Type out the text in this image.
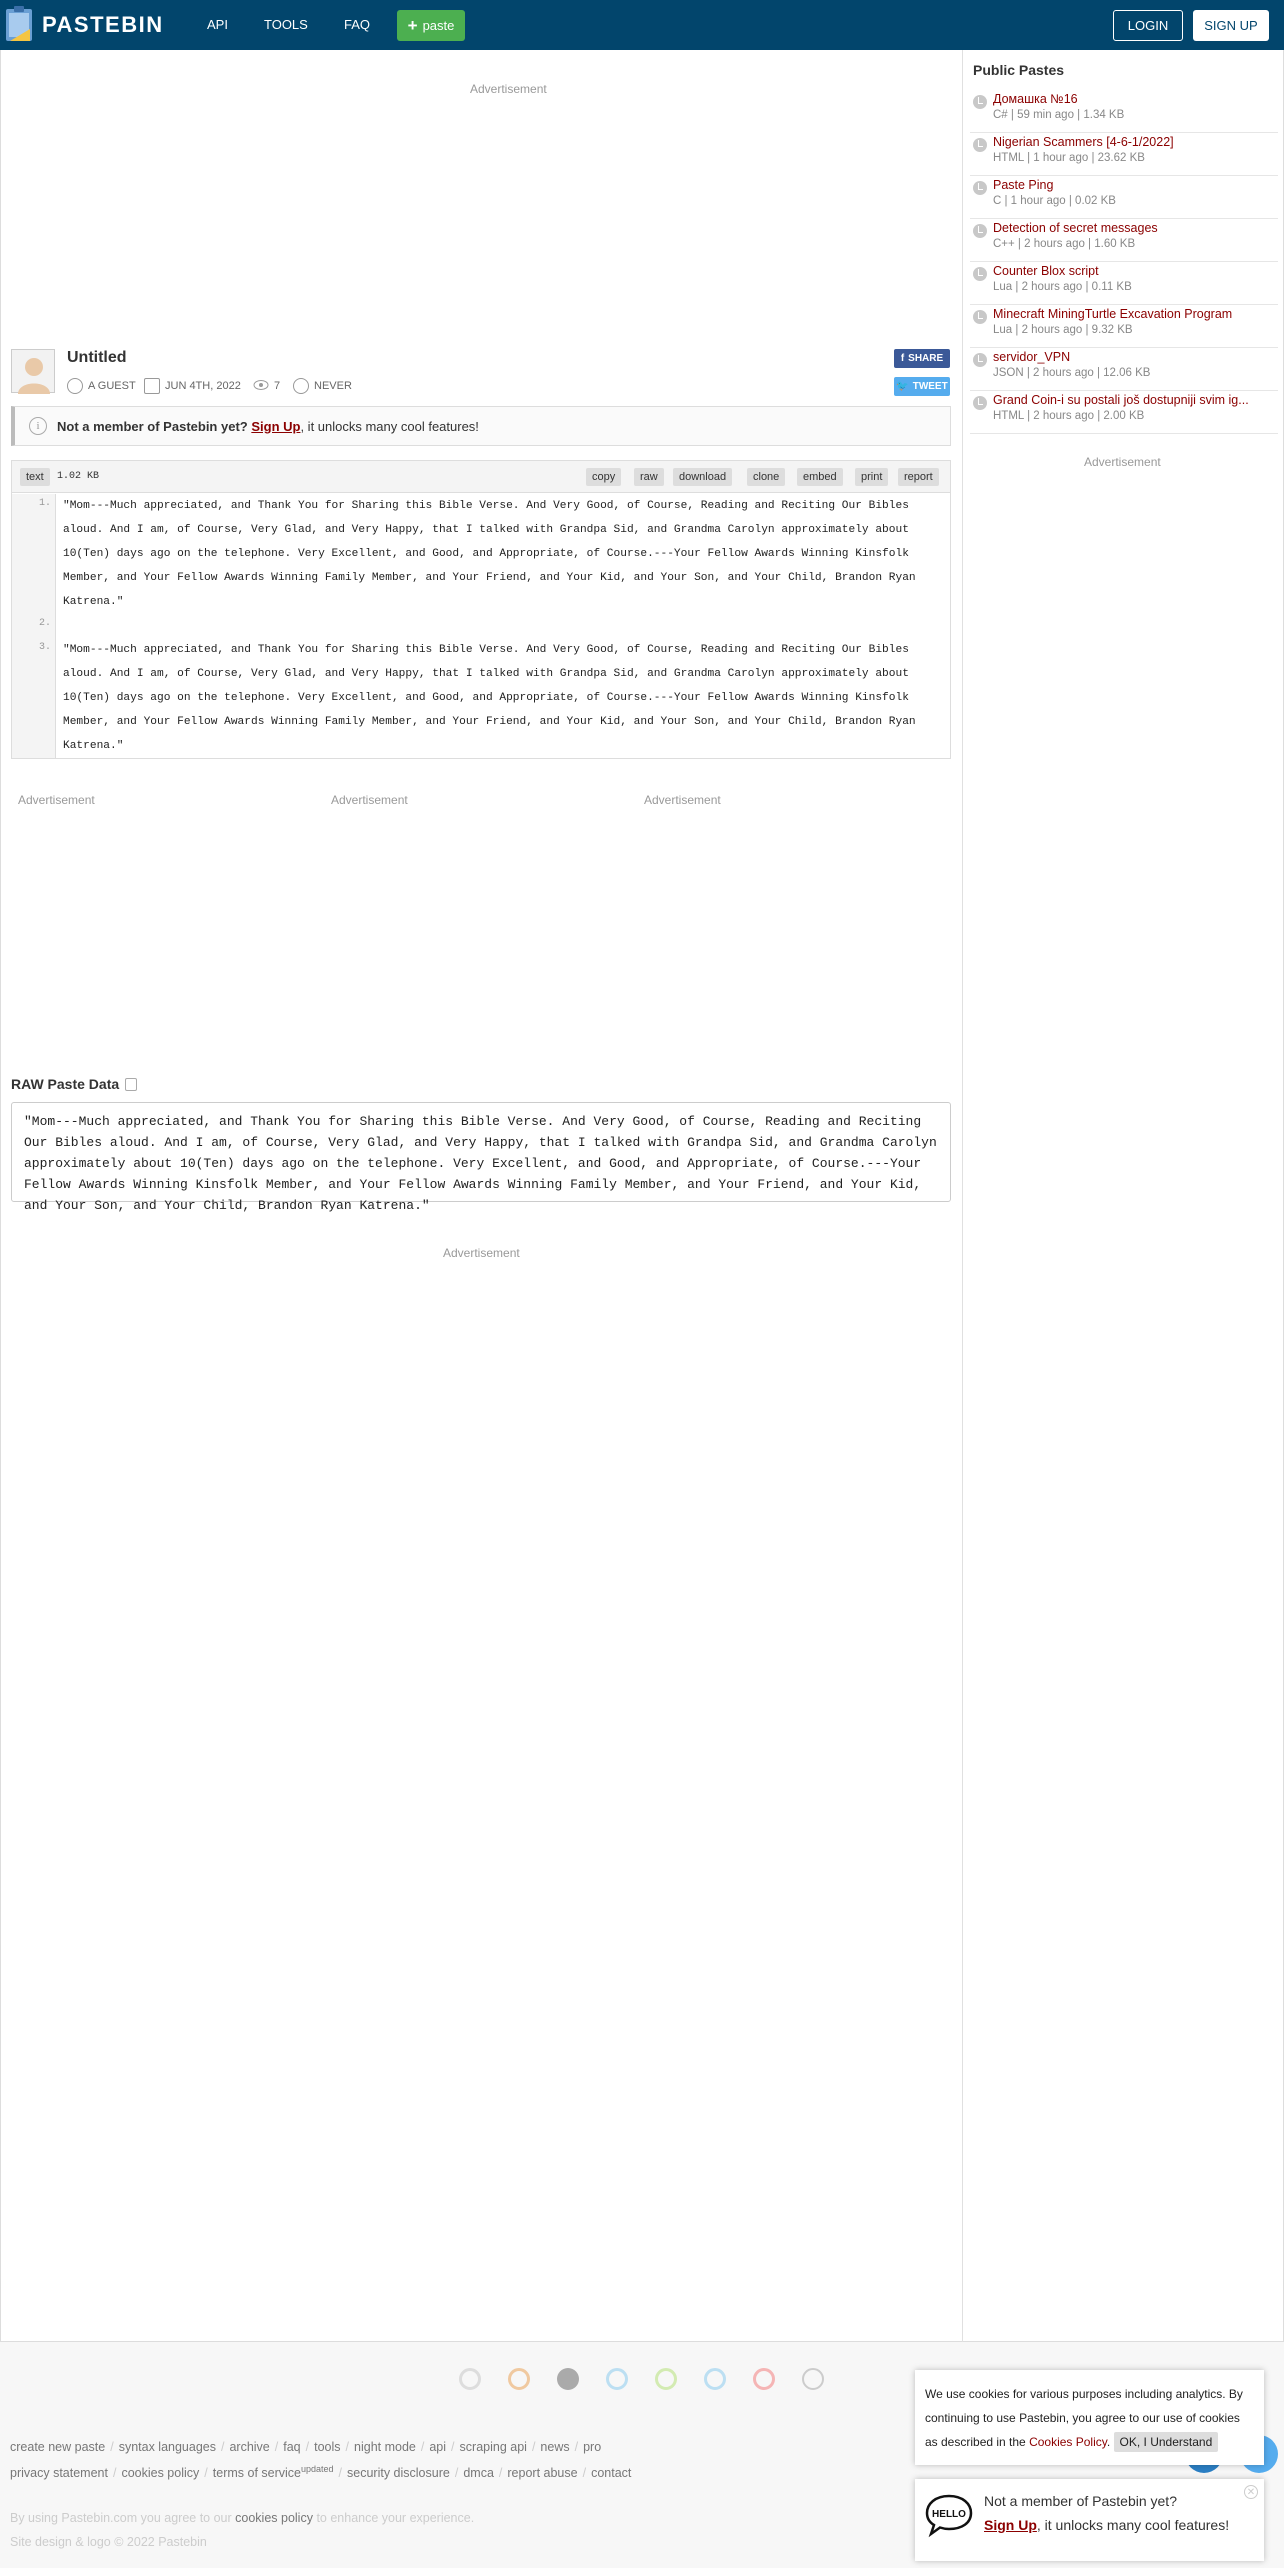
PASTEBIN	API	TOOLS	FAQ + paste	LOGIN	SIGN UP
Advertisement
Advertisement	Advertisement	Advertisement
Advertisement
Advertisement
Untitled
A GUEST	JUN 4TH, 2022	7	NEVER
f SHARE
🐦 TWEET
i	Not a member of Pastebin yet? Sign Up, it unlocks many cool features!
text	1.02 KB	copy	raw	download	clone	embed	print	report
1.
2.
3.
"Mom---Much appreciated, and Thank You for Sharing this Bible Verse. And Very Good, of Course, Reading and Reciting Our Bibles aloud. And I am, of Course, Very Glad, and Very Happy, that I talked with Grandpa Sid, and Grandma Carolyn approximately about 10(Ten) days ago on the telephone. Very Excellent, and Good, and Appropriate, of Course.---Your Fellow Awards Winning Kinsfolk Member, and Your Fellow Awards Winning Family Member, and Your Friend, and Your Kid, and Your Son, and Your Child, Brandon Ryan Katrena."
"Mom---Much appreciated, and Thank You for Sharing this Bible Verse. And Very Good, of Course, Reading and Reciting Our Bibles aloud. And I am, of Course, Very Glad, and Very Happy, that I talked with Grandpa Sid, and Grandma Carolyn approximately about 10(Ten) days ago on the telephone. Very Excellent, and Good, and Appropriate, of Course.---Your Fellow Awards Winning Kinsfolk Member, and Your Fellow Awards Winning Family Member, and Your Friend, and Your Kid, and Your Son, and Your Child, Brandon Ryan Katrena."
RAW Paste Data
"Mom---Much appreciated, and Thank You for Sharing this Bible Verse. And Very Good, of Course, Reading and Reciting Our Bibles aloud. And I am, of Course, Very Glad, and Very Happy, that I talked with Grandpa Sid, and Grandma Carolyn approximately about 10(Ten) days ago on the telephone. Very Excellent, and Good, and Appropriate, of Course.---Your Fellow Awards Winning Kinsfolk Member, and Your Fellow Awards Winning Family Member, and Your Friend, and Your Kid, and Your Son, and Your Child, Brandon Ryan Katrena."
Public Pastes
Домашка №16
C# | 59 min ago | 1.34 KB
Nigerian Scammers [4-6-1/2022]
HTML | 1 hour ago | 23.62 KB
Paste Ping
C | 1 hour ago | 0.02 KB
Detection of secret messages
C++ | 2 hours ago | 1.60 KB
Counter Blox script
Lua | 2 hours ago | 0.11 KB
Minecraft MiningTurtle Excavation Program
Lua | 2 hours ago | 9.32 KB
servidor_VPN
JSON | 2 hours ago | 12.06 KB
Grand Coin-i su postali još dostupniji svim ig...
HTML | 2 hours ago | 2.00 KB
create new paste / syntax languages / archive / faq / tools / night mode / api / scraping api / news / pro
privacy statement / cookies policy / terms of service$^{updated}$ / security disclosure / dmca / report abuse / contact
By using Pastebin.com you agree to our cookies policy to enhance your experience.
Site design & logo © 2022 Pastebin
We use cookies for various purposes including analytics. By continuing to use Pastebin, you agree to our use of cookies as described in the Cookies Policy. OK, I Understand
✕
HELLO
Not a member of Pastebin yet?
Sign Up, it unlocks many cool features!
